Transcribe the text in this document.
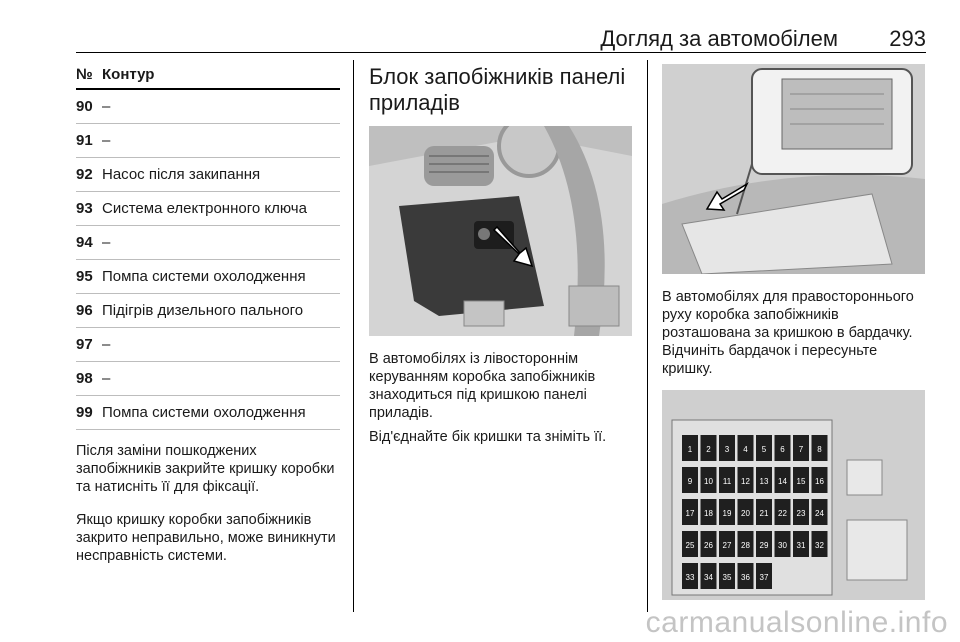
Догляд за автомобілем 293
№ Контур
90 –
91 –
92 Насос після закипання
93 Система електронного ключа
94 –
95 Помпа системи охолодження
96 Підігрів дизельного пального
97 –
98 –
99 Помпа системи охолодження

Після заміни пошкоджених запобіжників закрийте кришку коробки та натисніть її для фіксації.

Якщо кришку коробки запобіжників закрито неправильно, може виникнути несправність системи.

Блок запобіжників панелі приладів

В автомобілях із лівостороннім керуванням коробка запобіжників знаходиться під кришкою панелі приладів.

Від'єднайте бік кришки та зніміть її.

В автомобілях для правостороннього руху коробка запобіжників розташована за кришкою в бардачку. Відчиніть бардачок і пересуньте кришку.

1 2 3 4 5 6 7 8
9 10 11 12 13 14 15 16
17 18 19 20 21 22 23 24
25 26 27 28 29 30 31 32
33 34 35 36 37
carmanualsonline.info
